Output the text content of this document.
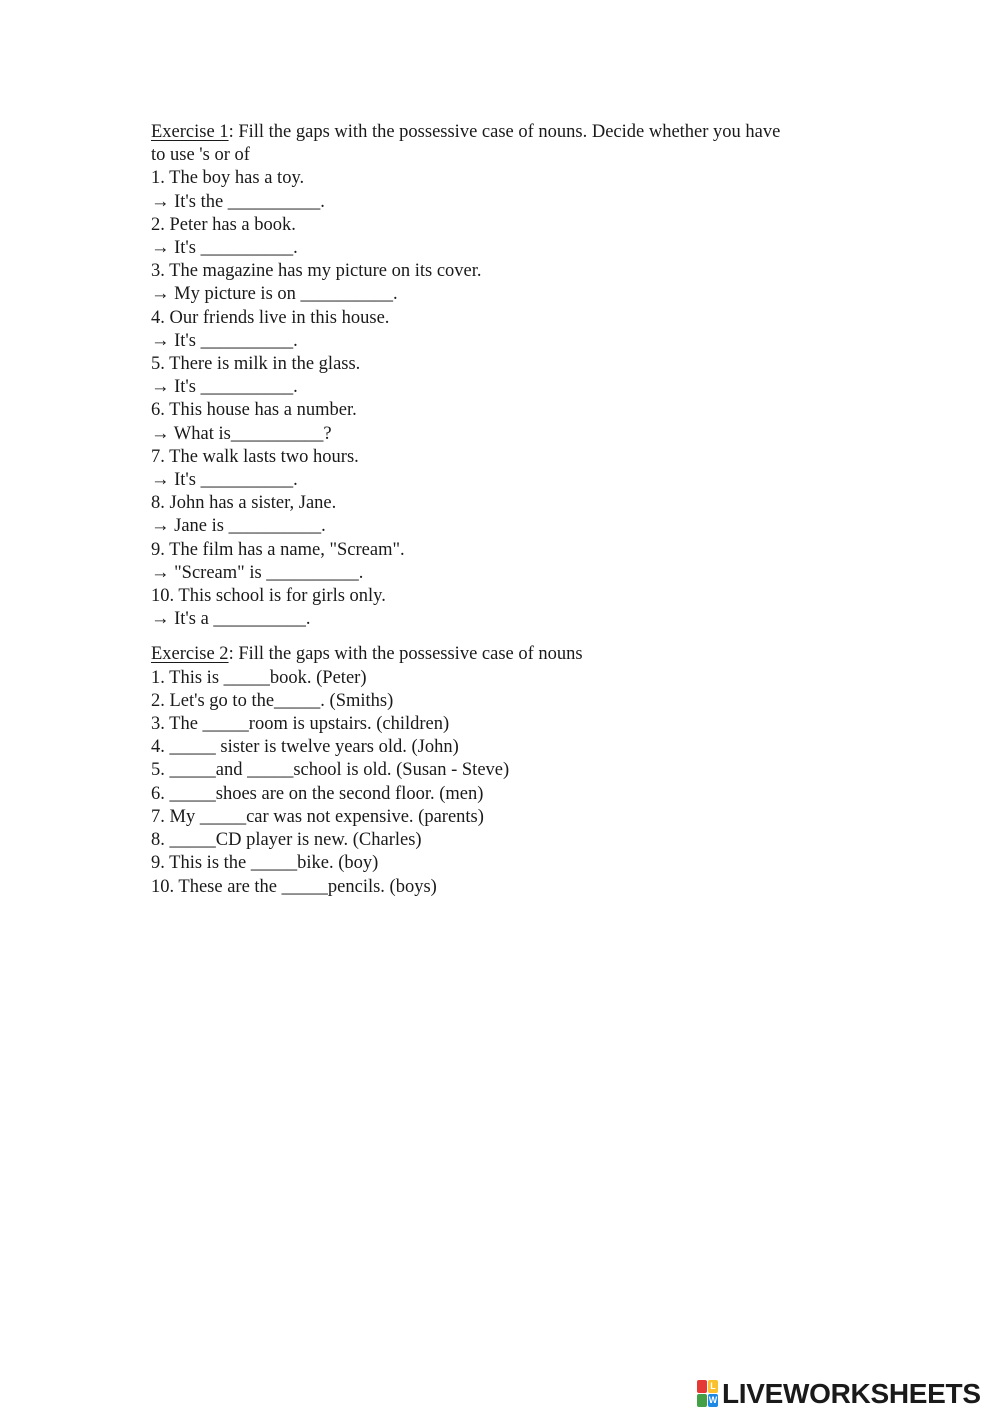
Exercise 1: Fill the gaps with the possessive case of nouns. Decide whether you have

to use 's or of

1. The boy has a toy.

→ It's the __________.

2. Peter has a book.

→ It's __________.

3. The magazine has my picture on its cover.

→ My picture is on __________.

4. Our friends live in this house.

→ It's __________.

5. There is milk in the glass.

→ It's __________.

6. This house has a number.

→ What is__________?

7. The walk lasts two hours.

→ It's __________.

8. John has a sister, Jane.

→ Jane is __________.

9. The film has a name, "Scream".

→ "Scream" is __________.

10. This school is for girls only.

→ It's a __________.

Exercise 2: Fill the gaps with the possessive case of nouns

1. This is _____book. (Peter)

2. Let's go to the_____. (Smiths)

3. The _____room is upstairs. (children)

4. _____ sister is twelve years old. (John)

5. _____and _____school is old. (Susan - Steve)

6. _____shoes are on the second floor. (men)

7. My _____car was not expensive. (parents)

8. _____CD player is new. (Charles)

9. This is the _____bike. (boy)

10. These are the _____pencils. (boys)

L
W LIVEWORKSHEETS
